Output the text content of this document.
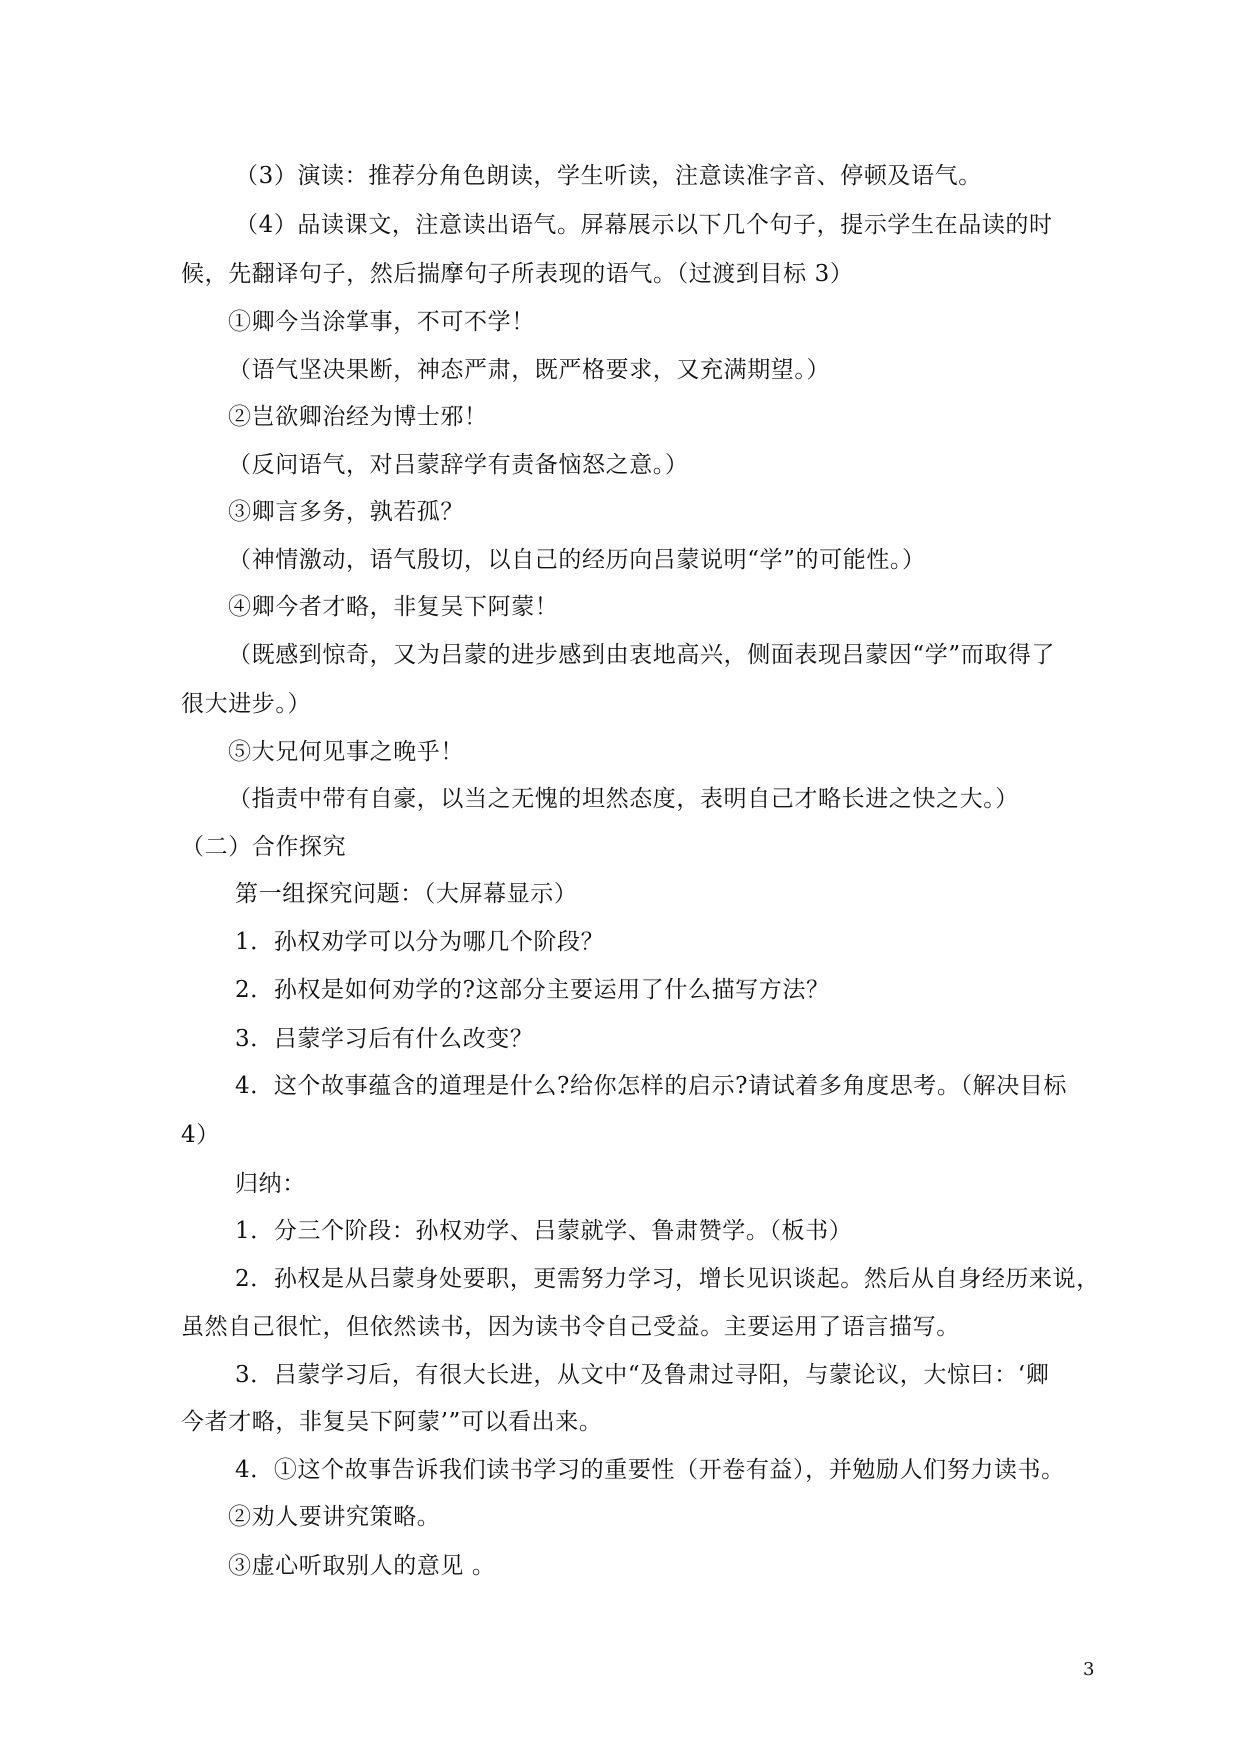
（3）演读：推荐分角色朗读，学生听读，注意读准字音、停顿及语气。

（4）品读课文，注意读出语气。屏幕展示以下几个句子，提示学生在品读的时

候，先翻译句子，然后揣摩句子所表现的语气。（过渡到目标 3）

①卿今当涂掌事，不可不学！

（语气坚决果断，神态严肃，既严格要求，又充满期望。）

②岂欲卿治经为博士邪！

（反问语气，对吕蒙辞学有责备恼怒之意。）

③卿言多务，孰若孤？

（神情激动，语气殷切，以自己的经历向吕蒙说明“学”的可能性。）

④卿今者才略，非复吴下阿蒙！

（既感到惊奇，又为吕蒙的进步感到由衷地高兴，侧面表现吕蒙因“学”而取得了

很大进步。）

⑤大兄何见事之晚乎！

（指责中带有自豪，以当之无愧的坦然态度，表明自己才略长进之快之大。）

（二）合作探究

第一组探究问题：（大屏幕显示）

1．孙权劝学可以分为哪几个阶段？

2．孙权是如何劝学的?这部分主要运用了什么描写方法？

3．吕蒙学习后有什么改变？

4．这个故事蕴含的道理是什么?给你怎样的启示?请试着多角度思考。（解决目标

4）

归纳：

1．分三个阶段：孙权劝学、吕蒙就学、鲁肃赞学。（板书）

2．孙权是从吕蒙身处要职，更需努力学习，增长见识谈起。然后从自身经历来说，

虽然自己很忙，但依然读书，因为读书令自己受益。主要运用了语言描写。

3．吕蒙学习后，有很大长进，从文中“及鲁肃过寻阳，与蒙论议，大惊曰：‘卿

今者才略，非复吴下阿蒙’”可以看出来。

4．①这个故事告诉我们读书学习的重要性（开卷有益），并勉励人们努力读书。

②劝人要讲究策略。

③虚心听取别人的意见 。

3
